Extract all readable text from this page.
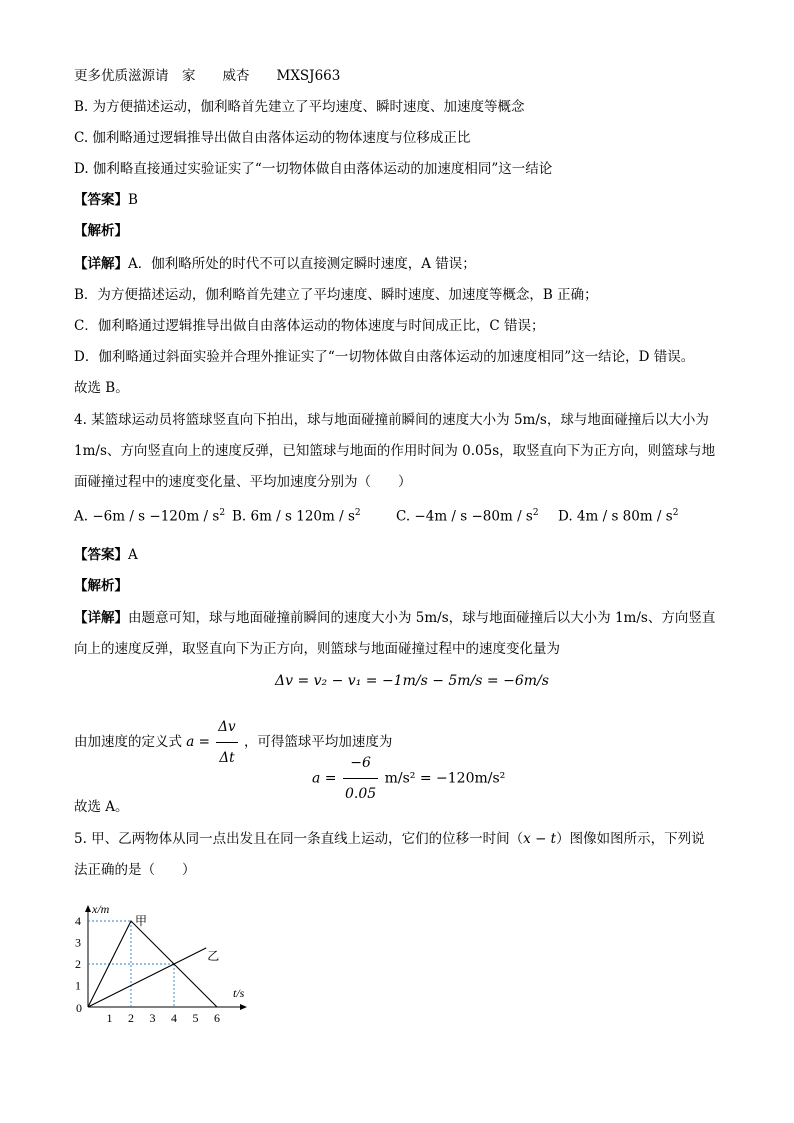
更多优质滋源请　家　　威杏　　MXSJ663
B. 为方便描述运动，伽利略首先建立了平均速度、瞬时速度、加速度等概念
C. 伽利略通过逻辑推导出做自由落体运动的物体速度与位移成正比
D. 伽利略直接通过实验证实了“一切物体做自由落体运动的加速度相同”这一结论
【答案】B
【解析】
【详解】A．伽利略所处的时代不可以直接测定瞬时速度，A 错误；
B．为方便描述运动，伽利略首先建立了平均速度、瞬时速度、加速度等概念，B 正确；
C．伽利略通过逻辑推导出做自由落体运动的物体速度与时间成正比，C 错误；
D．伽利略通过斜面实验并合理外推证实了“一切物体做自由落体运动的加速度相同”这一结论，D 错误。
故选 B。
4. 某篮球运动员将篮球竖直向下拍出，球与地面碰撞前瞬间的速度大小为 5m/s，球与地面碰撞后以大小为
1m/s、方向竖直向上的速度反弹，已知篮球与地面的作用时间为 0.05s，取竖直向下为正方向，则篮球与地
面碰撞过程中的速度变化量、平均加速度分别为（　　）
A. $-6m / s -120m / s^2$ B. 6m / s $120m / s^2$	C. $-4m / s -80m / s^2$ D. 4m / s $80m / s^2$
【答案】A
【解析】
【详解】由题意可知，球与地面碰撞前瞬间的速度大小为 5m/s，球与地面碰撞后以大小为 1m/s、方向竖直
向上的速度反弹，取竖直向下为正方向，则篮球与地面碰撞过程中的速度变化量为
Δv = v₂ − v₁ = −1m/s − 5m/s = −6m/s
由加速度的定义式 $a = \frac{\Delta v}{\Delta t}$ ，可得篮球平均加速度为
$a = \frac{-6}{0.05} m/s^2 = -120m/s^2$
故选 A。
5. 甲、乙两物体从同一点出发且在同一条直线上运动，它们的位移一时间（x − t）图像如图所示，下列说
法正确的是（　　）
x/m
t/s
0
1 2 3 4 5 6
1
2
3
4	甲
乙
